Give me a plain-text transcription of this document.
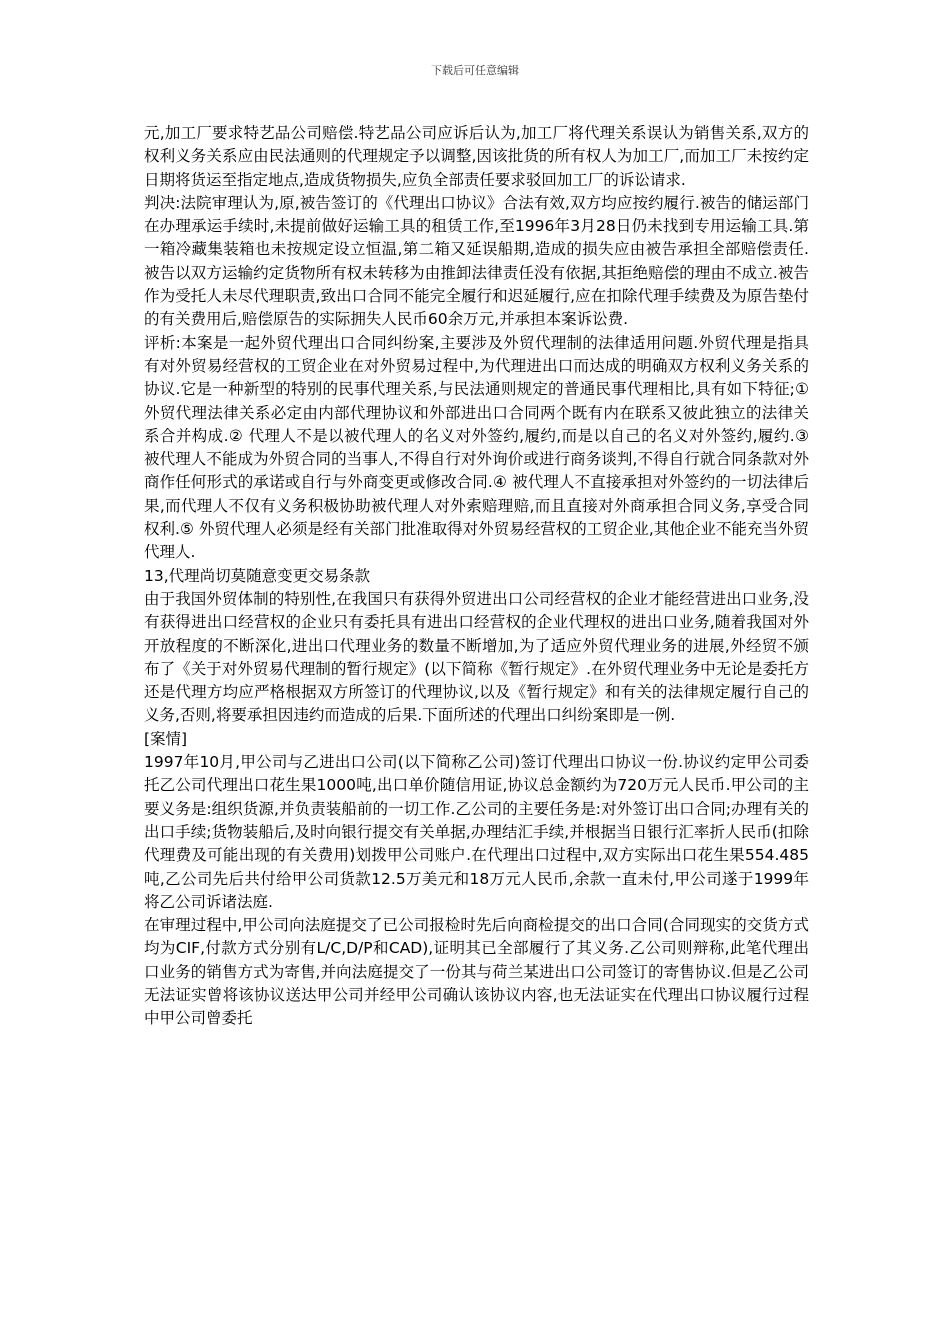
下载后可任意编辑

元,加工厂要求特艺品公司赔偿.特艺品公司应诉后认为,加工厂将代理关系误认为销售关系,双方的权利义务关系应由民法通则的代理规定予以调整,因该批货的所有权人为加工厂,而加工厂未按约定日期将货运至指定地点,造成货物损失,应负全部责任要求驳回加工厂的诉讼请求.

判决:法院审理认为,原,被告签订的《代理出口协议》合法有效,双方均应按约履行.被告的储运部门在办理承运手续时,未提前做好运输工具的租赁工作,至1996年3月28日仍未找到专用运输工具.第一箱冷藏集装箱也未按规定设立恒温,第二箱又延误船期,造成的损失应由被告承担全部赔偿责任.被告以双方运输约定货物所有权未转移为由推卸法律责任没有依据,其拒绝赔偿的理由不成立.被告作为受托人未尽代理职责,致出口合同不能完全履行和迟延履行,应在扣除代理手续费及为原告垫付的有关费用后,赔偿原告的实际拥失人民币60余万元,并承担本案诉讼费.

评析:本案是一起外贸代理出口合同纠纷案,主要涉及外贸代理制的法律适用问题.外贸代理是指具有对外贸易经营权的工贸企业在对外贸易过程中,为代理进出口而达成的明确双方权利义务关系的协议.它是一种新型的特别的民事代理关系,与民法通则规定的普通民事代理相比,具有如下特征;① 外贸代理法律关系必定由内部代理协议和外部进出口合同两个既有内在联系又彼此独立的法律关系合并构成.② 代理人不是以被代理人的名义对外签约,履约,而是以自己的名义对外签约,履约.③ 被代理人不能成为外贸合同的当事人,不得自行对外询价或进行商务谈判,不得自行就合同条款对外商作任何形式的承诺或自行与外商变更或修改合同.④ 被代理人不直接承担对外签约的一切法律后果,而代理人不仅有义务积极协助被代理人对外索赔理赔,而且直接对外商承担合同义务,享受合同权利.⑤ 外贸代理人必须是经有关部门批准取得对外贸易经营权的工贸企业,其他企业不能充当外贸代理人.

13,代理尚切莫随意变更交易条款

由于我国外贸体制的特别性,在我国只有获得外贸进出口公司经营权的企业才能经营进出口业务,没有获得进出口经营权的企业只有委托具有进出口经营权的企业代理权的进出口业务,随着我国对外开放程度的不断深化,进出口代理业务的数量不断增加,为了适应外贸代理业务的进展,外经贸不颁布了《关于对外贸易代理制的暂行规定》(以下简称《暂行规定》.在外贸代理业务中无论是委托方还是代理方均应严格根据双方所签订的代理协议,以及《暂行规定》和有关的法律规定履行自己的义务,否则,将要承担因违约而造成的后果.下面所述的代理出口纠纷案即是一例.

[案情]

1997年10月,甲公司与乙进出口公司(以下简称乙公司)签订代理出口协议一份.协议约定甲公司委托乙公司代理出口花生果1000吨,出口单价随信用证,协议总金额约为720万元人民币.甲公司的主要义务是:组织货源,并负责装船前的一切工作.乙公司的主要任务是:对外签订出口合同;办理有关的出口手续;货物装船后,及时向银行提交有关单据,办理结汇手续,并根据当日银行汇率折人民币(扣除代理费及可能出现的有关费用)划拨甲公司账户.在代理出口过程中,双方实际出口花生果554.485吨,乙公司先后共付给甲公司货款12.5万美元和18万元人民币,余款一直未付,甲公司遂于1999年将乙公司诉诸法庭.

在审理过程中,甲公司向法庭提交了已公司报检时先后向商检提交的出口合同(合同现实的交货方式均为CIF,付款方式分别有L/C,D/P和CAD),证明其已全部履行了其义务.乙公司则辩称,此笔代理出口业务的销售方式为寄售,并向法庭提交了一份其与荷兰某进出口公司签订的寄售协议.但是乙公司无法证实曾将该协议送达甲公司并经甲公司确认该协议内容,也无法证实在代理出口协议履行过程中甲公司曾委托
